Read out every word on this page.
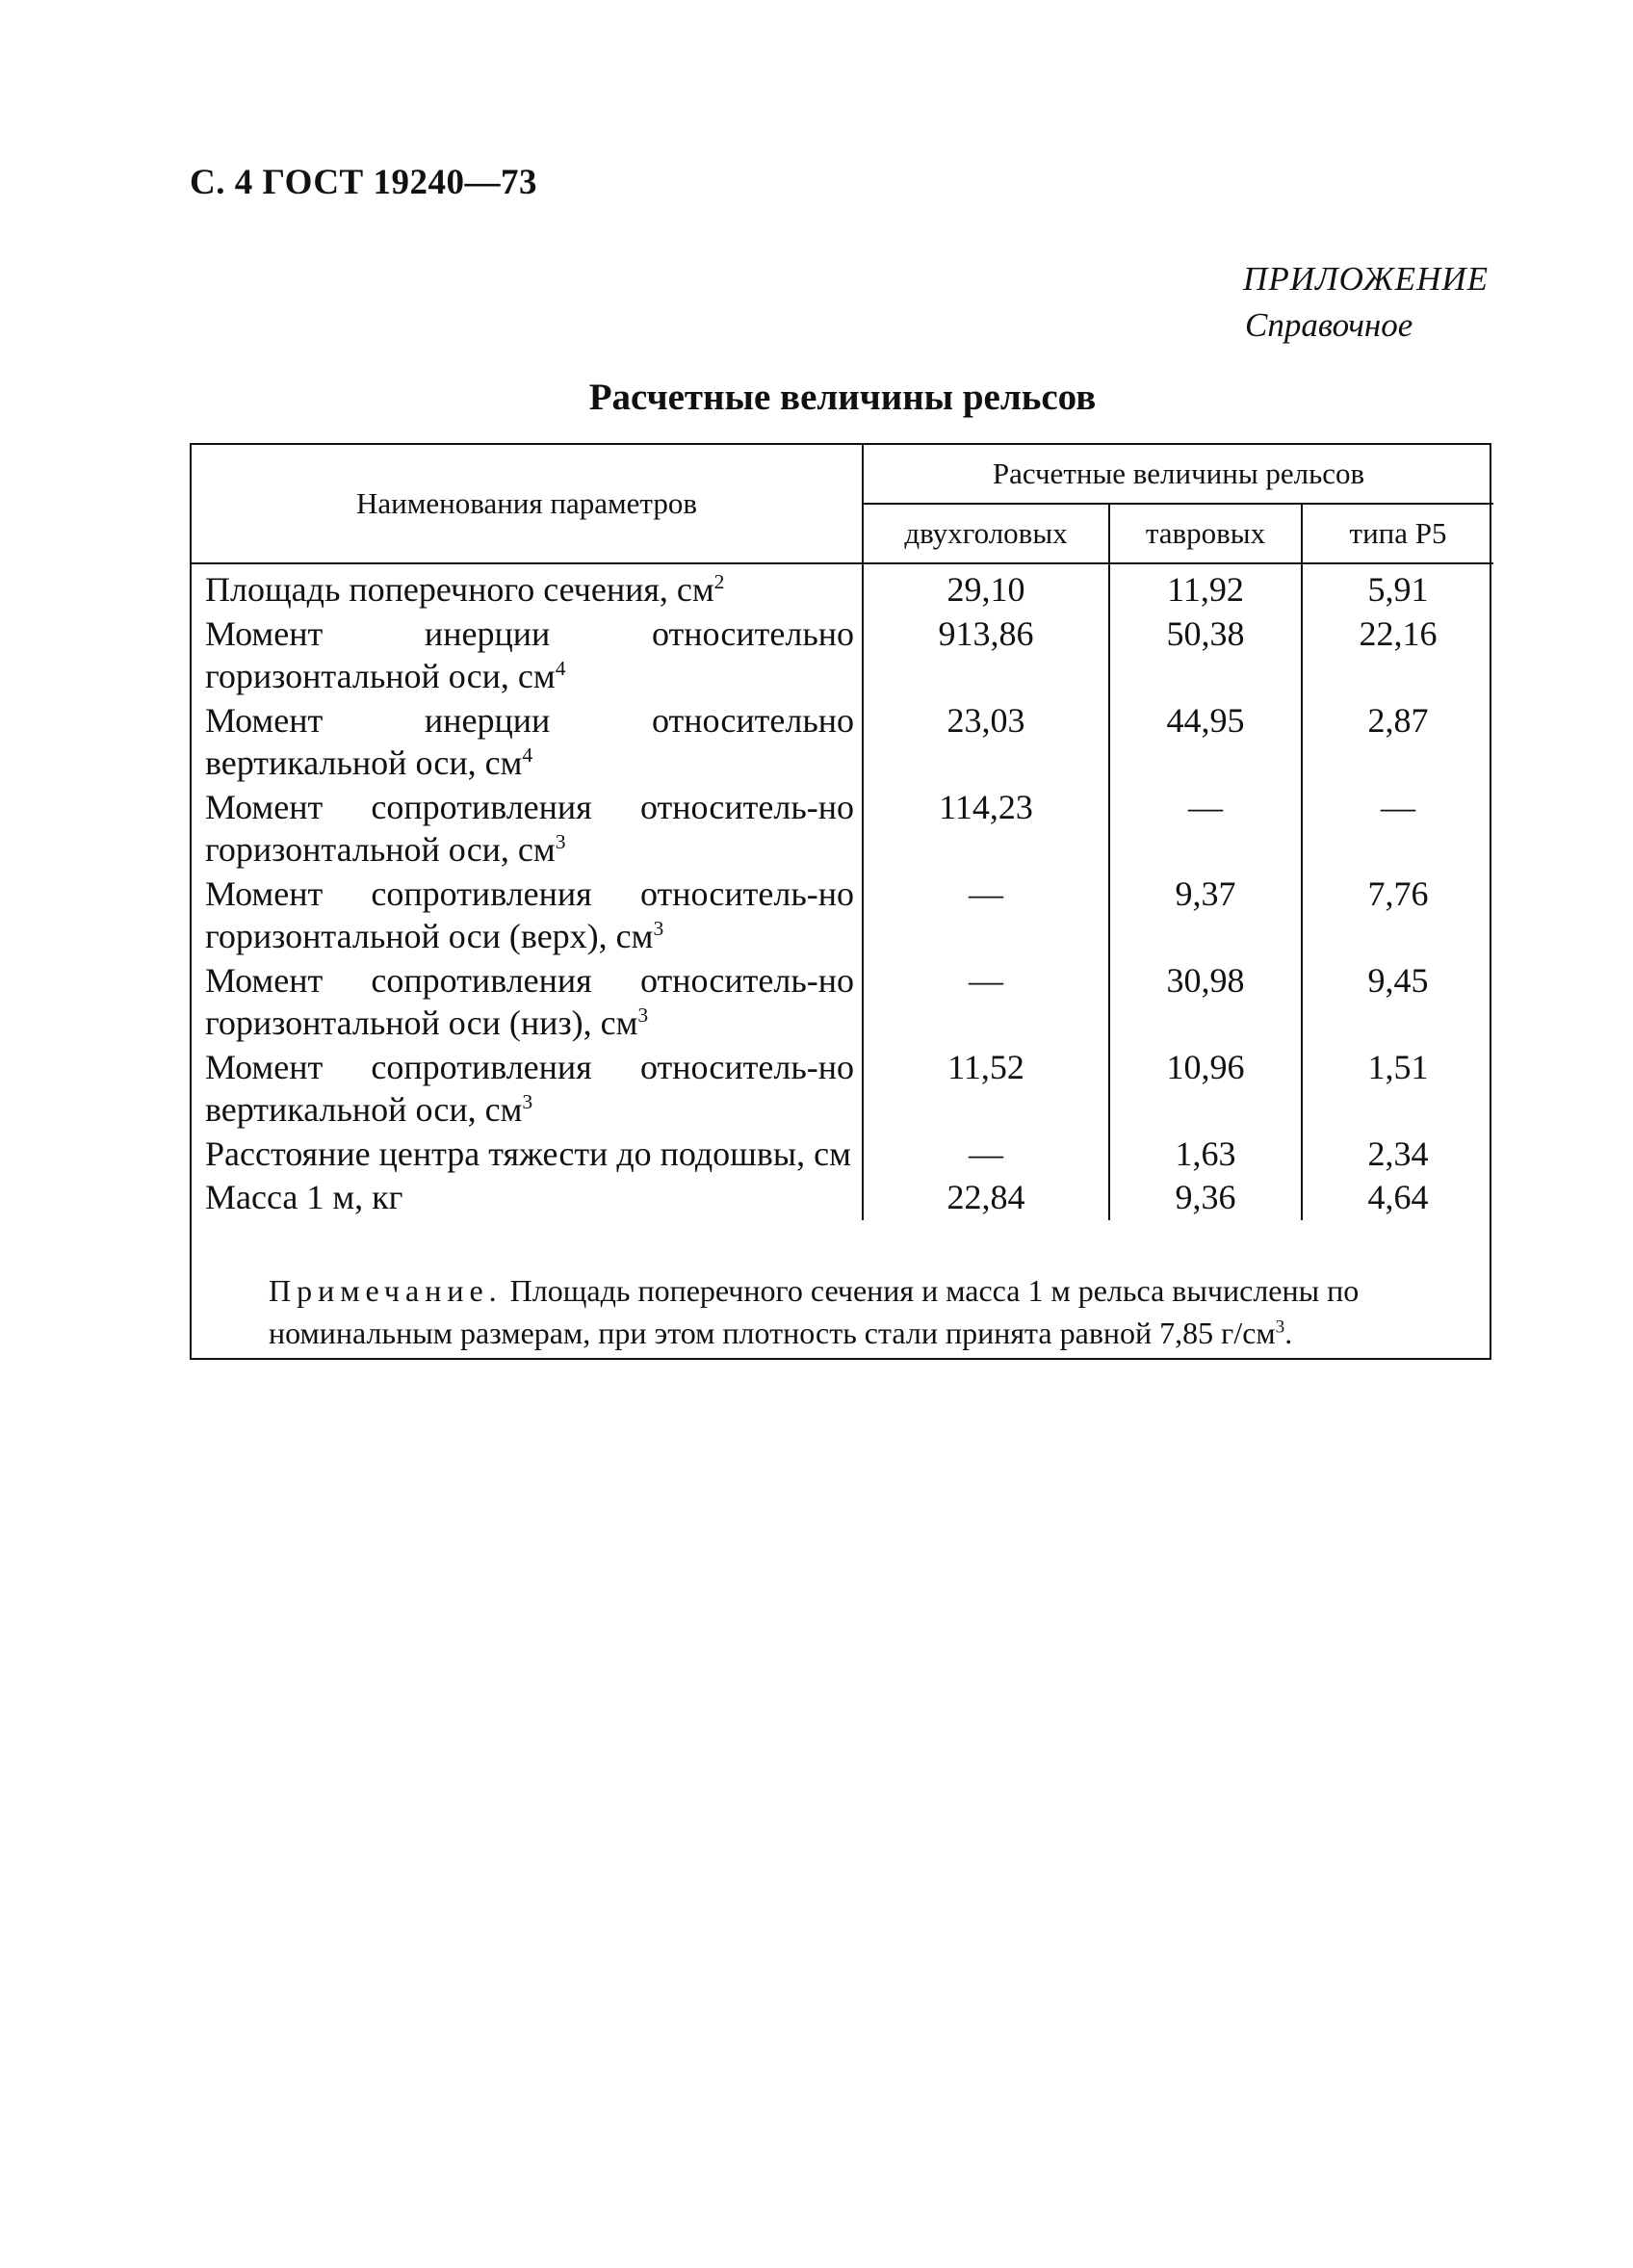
С. 4 ГОСТ 19240—73
ПРИЛОЖЕНИЕ
Справочное
Расчетные величины рельсов
Наименования параметров	Расчетные величины рельсов		
	двухголовых	тавровых	типа Р5
Площадь поперечного сечения, $см^2$	29,10	11,92	5,91
Момент инерции относительно горизонтальной оси, $см^4$	913,86	50,38	22,16
Момент инерции относительно вертикальной оси, $см^4$	23,03	44,95	2,87
Момент сопротивления относитель-но горизонтальной оси, $см^3$	114,23	—	—
Момент сопротивления относитель-но горизонтальной оси (верх), $см^3$	—	9,37	7,76
Момент сопротивления относитель-но горизонтальной оси (низ), $см^3$	—	30,98	9,45
Момент сопротивления относитель-но вертикальной оси, $см^3$	11,52	10,96	1,51
Расстояние центра тяжести до подошвы, см	—	1,63	2,34
Масса 1 м, кг	22,84	9,36	4,64
Примечание. Площадь поперечного сечения и масса 1 м рельса вычислены по номинальным размерам, при этом плотность стали принята равной 7,85 $г/см^3$.
